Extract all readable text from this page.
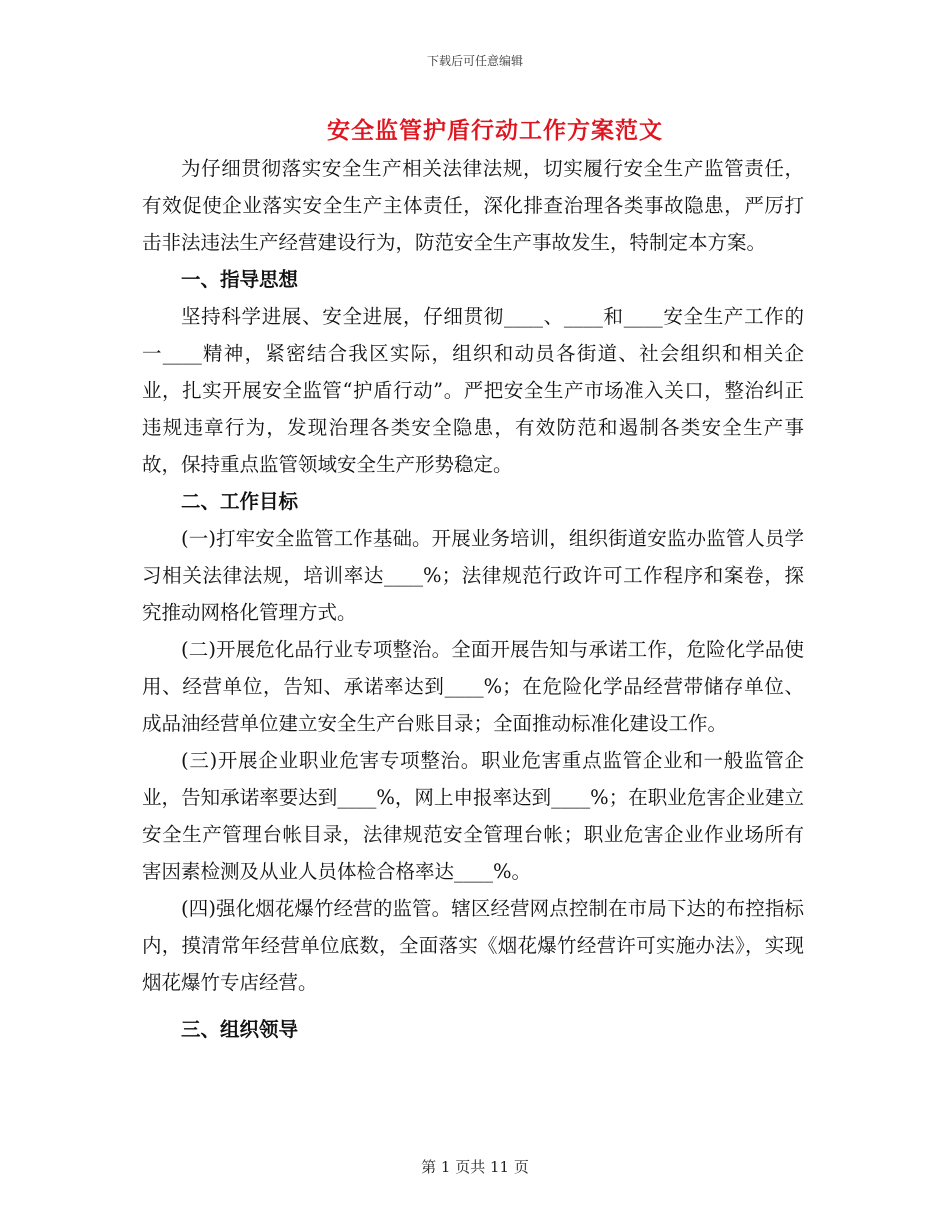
下载后可任意编辑
安全监管护盾行动工作方案范文

为仔细贯彻落实安全生产相关法律法规，切实履行安全生产监管责任，有效促使企业落实安全生产主体责任，深化排查治理各类事故隐患，严厉打击非法违法生产经营建设行为，防范安全生产事故发生，特制定本方案。

一、指导思想

坚持科学进展、安全进展，仔细贯彻____、____和____安全生产工作的一____精神，紧密结合我区实际，组织和动员各街道、社会组织和相关企业，扎实开展安全监管“护盾行动”。严把安全生产市场准入关口，整治纠正违规违章行为，发现治理各类安全隐患，有效防范和遏制各类安全生产事故，保持重点监管领域安全生产形势稳定。

二、工作目标

(一)打牢安全监管工作基础。开展业务培训，组织街道安监办监管人员学习相关法律法规，培训率达____%；法律规范行政许可工作程序和案卷，探究推动网格化管理方式。

(二)开展危化品行业专项整治。全面开展告知与承诺工作，危险化学品使用、经营单位，告知、承诺率达到____%；在危险化学品经营带储存单位、成品油经营单位建立安全生产台账目录；全面推动标准化建设工作。

(三)开展企业职业危害专项整治。职业危害重点监管企业和一般监管企业，告知承诺率要达到____%，网上申报率达到____%；在职业危害企业建立安全生产管理台帐目录，法律规范安全管理台帐；职业危害企业作业场所有害因素检测及从业人员体检合格率达____%。

(四)强化烟花爆竹经营的监管。辖区经营网点控制在市局下达的布控指标内，摸清常年经营单位底数，全面落实《烟花爆竹经营许可实施办法》，实现烟花爆竹专店经营。

三、组织领导

第 1 页共 11 页
